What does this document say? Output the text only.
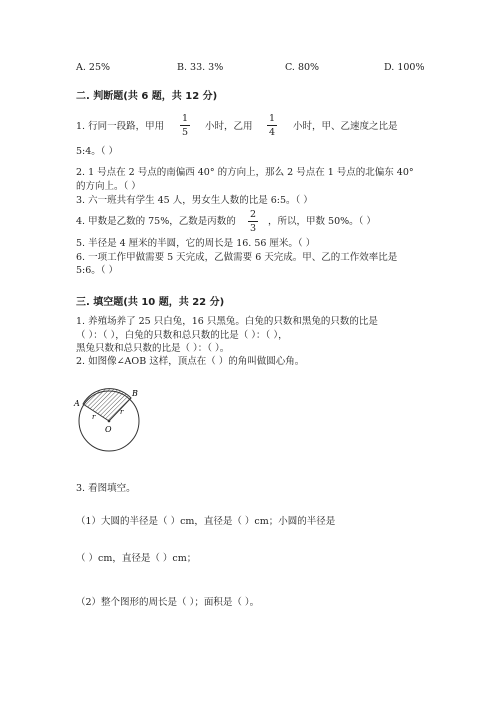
A. 25%	B. 33. 3%	C. 80%	D. 100%
二. 判断题(共 6 题，共 12 分)
1. 行同一段路，甲用
1
5
小时，乙用
1
4
小时，甲、乙速度之比是
5:4。（ ）
2. 1 号点在 2 号点的南偏西 40° 的方向上，那么 2 号点在 1 号点的北偏东 40°
的方向上。（ ）
3. 六一班共有学生 45 人，男女生人数的比是 6:5。（ ）
4. 甲数是乙数的 75%，乙数是丙数的
2
3
，所以，甲数 50%。（ ）
5. 半径是 4 厘米的半圆，它的周长是 16. 56 厘米。（ ）
6. 一项工作甲做需要 5 天完成，乙做需要 6 天完成。甲、乙的工作效率比是
5:6。（ ）
三. 填空题(共 10 题，共 22 分)
1. 养殖场养了 25 只白兔，16 只黑兔。白兔的只数和黑兔的只数的比是
（ ）：（ ），白兔的只数和总只数的比是（ ）：（ ），
黑兔只数和总只数的比是（ ）：（ ）。
2. 如图像∠AOB 这样，顶点在（ ）的角叫做圆心角。
A
B
O
r
r
3. 看图填空。
（1）大圆的半径是（ ）cm，直径是（ ）cm；小圆的半径是
（ ）cm，直径是（ ）cm；
（2）整个图形的周长是（ ）；面积是（ ）。
